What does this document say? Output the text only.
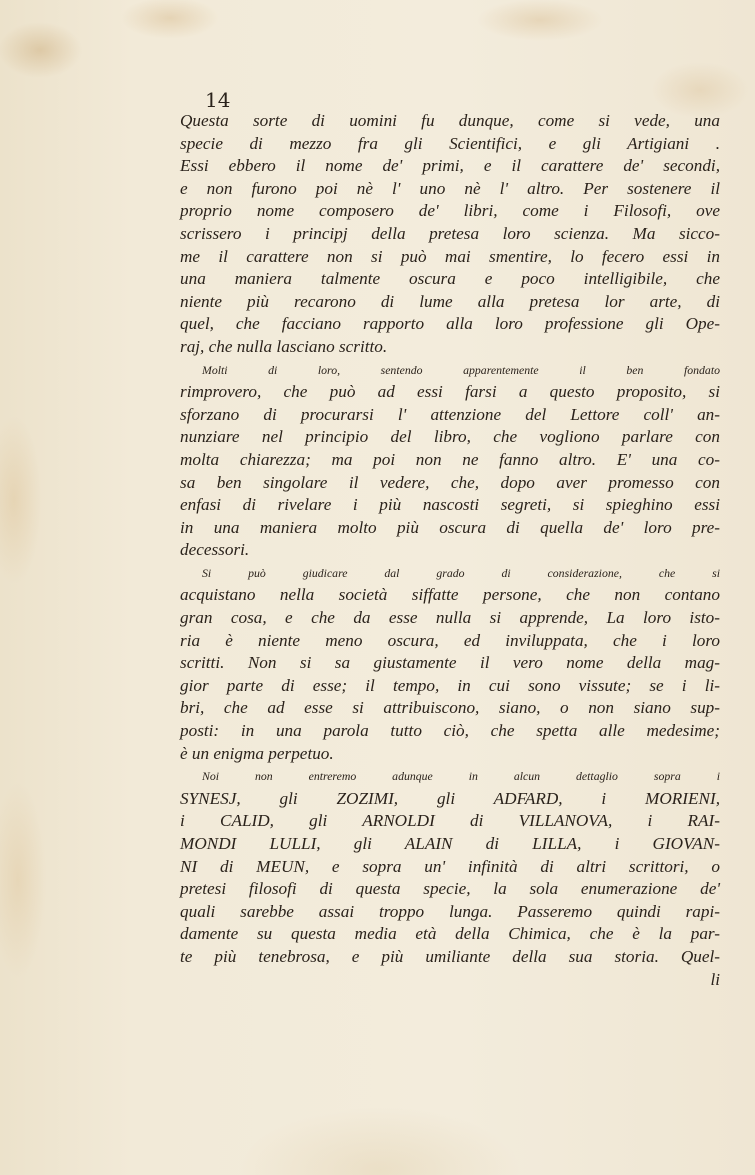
14
Questa sorte di uomini fu dunque, come si vede, una
specie di mezzo fra gli Scientifici, e gli Artigiani .
Essi ebbero il nome de' primi, e il carattere de' secondi,
e non furono poi nè l' uno nè l' altro. Per sostenere il
proprio nome composero de' libri, come i Filosofi, ove
scrissero i principj della pretesa loro scienza. Ma sicco-
me il carattere non si può mai smentire, lo fecero essi in
una maniera talmente oscura e poco intelligibile, che
niente più recarono di lume alla pretesa lor arte, di
quel, che facciano rapporto alla loro professione gli Ope-
raj, che nulla lasciano scritto.
Molti di loro, sentendo apparentemente il ben fondato
rimprovero, che può ad essi farsi a questo proposito, si
sforzano di procurarsi l' attenzione del Lettore coll' an-
nunziare nel principio del libro, che vogliono parlare con
molta chiarezza; ma poi non ne fanno altro. E' una co-
sa ben singolare il vedere, che, dopo aver promesso con
enfasi di rivelare i più nascosti segreti, si spieghino essi
in una maniera molto più oscura di quella de' loro pre-
decessori.
Si può giudicare dal grado di considerazione, che si
acquistano nella società siffatte persone, che non contano
gran cosa, e che da esse nulla si apprende, La loro isto-
ria è niente meno oscura, ed inviluppata, che i loro
scritti. Non si sa giustamente il vero nome della mag-
gior parte di esse; il tempo, in cui sono vissute; se i li-
bri, che ad esse si attribuiscono, siano, o non siano sup-
posti: in una parola tutto ciò, che spetta alle medesime;
è un enigma perpetuo.
Noi non entreremo adunque in alcun dettaglio sopra i
SYNESJ, gli ZOZIMI, gli ADFARD, i MORIENI,
i CALID, gli ARNOLDI di VILLANOVA, i RAI-
MONDI LULLI, gli ALAIN di LILLA, i GIOVAN-
NI di MEUN, e sopra un' infinità di altri scrittori, o
pretesi filosofi di questa specie, la sola enumerazione de'
quali sarebbe assai troppo lunga. Passeremo quindi rapi-
damente su questa media età della Chimica, che è la par-
te più tenebrosa, e più umiliante della sua storia. Quel-
li
